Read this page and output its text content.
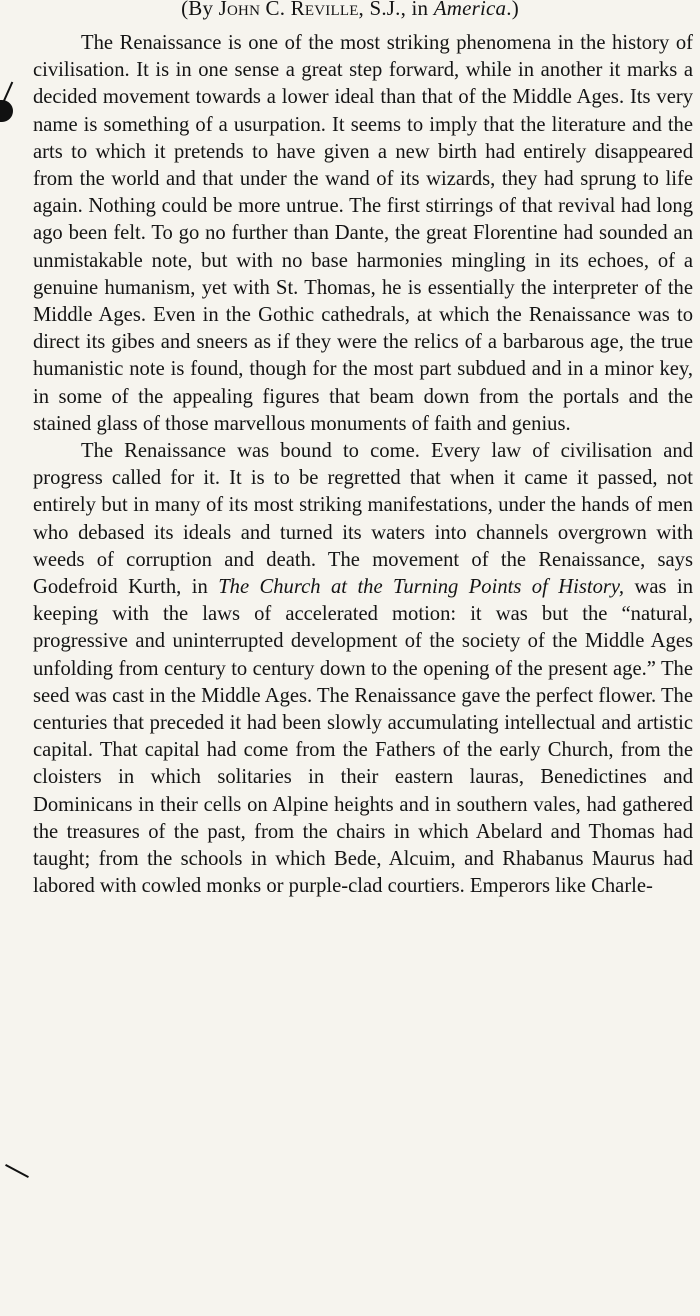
(By John C. Reville, S.J., in America.)

The Renaissance is one of the most striking phenomena in the history of civilisation. It is in one sense a great step forward, while in another it marks a decided movement towards a lower ideal than that of the Middle Ages. Its very name is something of a usurpation. It seems to imply that the literature and the arts to which it pretends to have given a new birth had entirely disappeared from the world and that under the wand of its wizards, they had sprung to life again. Nothing could be more untrue. The first stirrings of that revival had long ago been felt. To go no further than Dante, the great Florentine had sounded an unmistakable note, but with no base harmonies mingling in its echoes, of a genuine humanism, yet with St. Thomas, he is essentially the interpreter of the Middle Ages. Even in the Gothic cathedrals, at which the Renaissance was to direct its gibes and sneers as if they were the relics of a barbarous age, the true humanistic note is found, though for the most part subdued and in a minor key, in some of the appealing figures that beam down from the portals and the stained glass of those marvellous monuments of faith and genius.

The Renaissance was bound to come. Every law of civilisation and progress called for it. It is to be regretted that when it came it passed, not entirely but in many of its most striking manifestations, under the hands of men who debased its ideals and turned its waters into channels overgrown with weeds of corruption and death. The movement of the Renaissance, says Godefroid Kurth, in The Church at the Turning Points of History, was in keeping with the laws of accelerated motion: it was but the “natural, progressive and uninterrupted development of the society of the Middle Ages unfolding from century to century down to the opening of the present age.” The seed was cast in the Middle Ages. The Renaissance gave the perfect flower. The centuries that preceded it had been slowly accumulating intellectual and artistic capital. That capital had come from the Fathers of the early Church, from the cloisters in which solitaries in their eastern lauras, Benedictines and Dominicans in their cells on Alpine heights and in southern vales, had gathered the treasures of the past, from the chairs in which Abelard and Thomas had taught; from the schools in which Bede, Alcuim, and Rhabanus Maurus had labored with cowled monks or purple-clad courtiers. Emperors like Charle-
